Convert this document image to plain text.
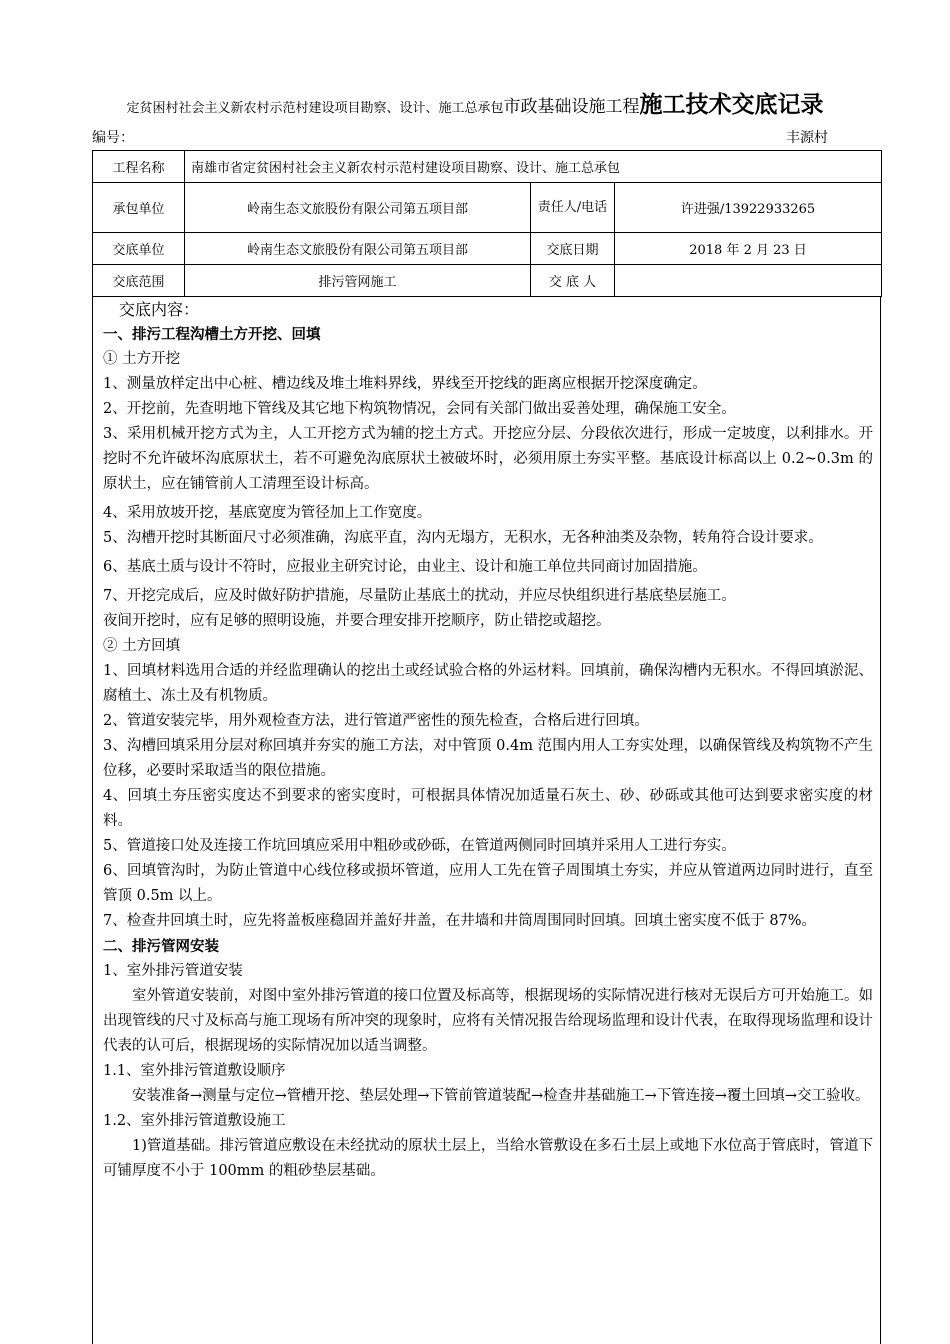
定贫困村社会主义新农村示范村建设项目勘察、设计、施工总承包市政基础设施工程施工技术交底记录
编号：	丰源村
工程名称	南雄市省定贫困村社会主义新农村示范村建设项目勘察、设计、施工总承包		
承包单位	岭南生态文旅股份有限公司第五项目部	责任人/电话	许进强/13922933265
交底单位	岭南生态文旅股份有限公司第五项目部	交底日期	2018 年 2 月 23 日
交底范围	排污管网施工	交 底 人	

交底内容：

一、排污工程沟槽土方开挖、回填

① 土方开挖

1、测量放样定出中心桩、槽边线及堆土堆料界线，界线至开挖线的距离应根据开挖深度确定。

2、开挖前，先查明地下管线及其它地下构筑物情况，会同有关部门做出妥善处理，确保施工安全。

3、采用机械开挖方式为主，人工开挖方式为辅的挖土方式。开挖应分层、分段依次进行，形成一定坡度，以利排水。开挖时不允许破坏沟底原状土，若不可避免沟底原状土被破坏时，必须用原土夯实平整。基底设计标高以上 0.2~0.3m 的原状土，应在铺管前人工清理至设计标高。

4、采用放坡开挖，基底宽度为管径加上工作宽度。

5、沟槽开挖时其断面尺寸必须准确，沟底平直，沟内无塌方，无积水，无各种油类及杂物，转角符合设计要求。

6、基底土质与设计不符时，应报业主研究讨论，由业主、设计和施工单位共同商讨加固措施。

7、开挖完成后，应及时做好防护措施，尽量防止基底土的扰动，并应尽快组织进行基底垫层施工。

夜间开挖时，应有足够的照明设施，并要合理安排开挖顺序，防止错挖或超挖。

② 土方回填

1、回填材料选用合适的并经监理确认的挖出土或经试验合格的外运材料。回填前，确保沟槽内无积水。不得回填淤泥、腐植土、冻土及有机物质。

2、管道安装完毕，用外观检查方法，进行管道严密性的预先检查，合格后进行回填。

3、沟槽回填采用分层对称回填并夯实的施工方法，对中管顶 0.4m 范围内用人工夯实处理，以确保管线及构筑物不产生位移，必要时采取适当的限位措施。

4、回填土夯压密实度达不到要求的密实度时，可根据具体情况加适量石灰土、砂、砂砾或其他可达到要求密实度的材料。

5、管道接口处及连接工作坑回填应采用中粗砂或砂砾，在管道两侧同时回填并采用人工进行夯实。

6、回填管沟时，为防止管道中心线位移或损坏管道，应用人工先在管子周围填土夯实，并应从管道两边同时进行，直至管顶 0.5m 以上。

7、检查井回填土时，应先将盖板座稳固并盖好井盖，在井墙和井筒周围同时回填。回填土密实度不低于 87%。

二、排污管网安装

1、室外排污管道安装

室外管道安装前，对图中室外排污管道的接口位置及标高等，根据现场的实际情况进行核对无误后方可开始施工。如出现管线的尺寸及标高与施工现场有所冲突的现象时，应将有关情况报告给现场监理和设计代表，在取得现场监理和设计代表的认可后，根据现场的实际情况加以适当调整。

1.1、室外排污管道敷设顺序

安装准备→测量与定位→管槽开挖、垫层处理→下管前管道装配→检查井基础施工→下管连接→覆土回填→交工验收。

1.2、室外排污管道敷设施工

1)管道基础。排污管道应敷设在未经扰动的原状土层上，当给水管敷设在多石土层上或地下水位高于管底时，管道下可铺厚度不小于 100mm 的粗砂垫层基础。
